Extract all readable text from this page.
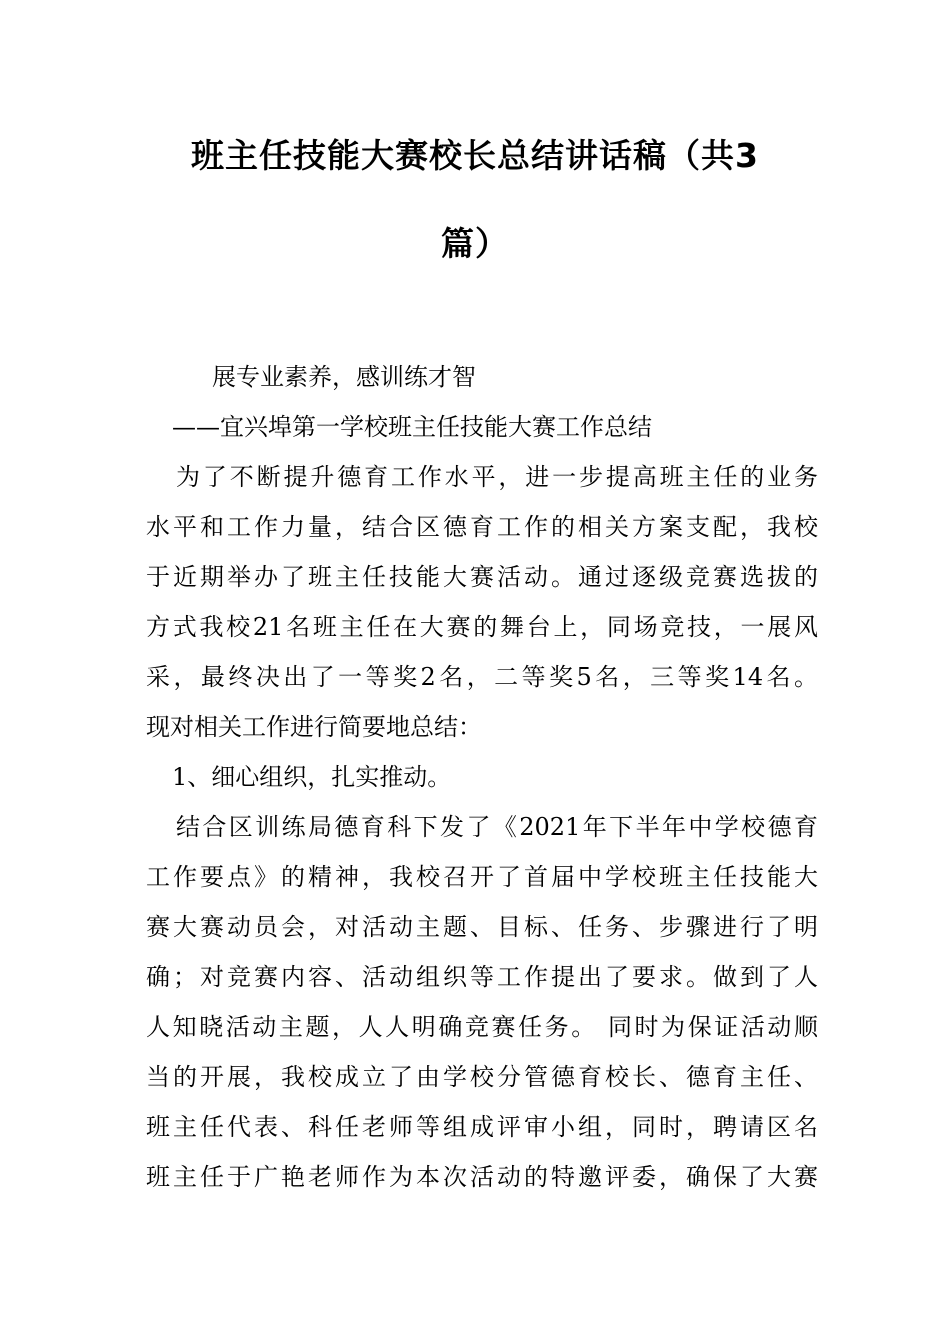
班主任技能大赛校长总结讲话稿（共3
篇）
展专业素养，感训练才智
——宜兴埠第一学校班主任技能大赛工作总结
为了不断提升德育工作水平，进一步提高班主任的业务
水平和工作力量，结合区德育工作的相关方案支配，我校
于近期举办了班主任技能大赛活动。通过逐级竞赛选拔的
方式我校21名班主任在大赛的舞台上，同场竞技，一展风
采，最终决出了一等奖2名，二等奖5名，三等奖14名。
现对相关工作进行简要地总结：
1、细心组织，扎实推动。
结合区训练局德育科下发了《2021年下半年中学校德育
工作要点》的精神，我校召开了首届中学校班主任技能大
赛大赛动员会，对活动主题、目标、任务、步骤进行了明
确；对竞赛内容、活动组织等工作提出了要求。做到了人
人知晓活动主题，人人明确竞赛任务。 同时为保证活动顺
当的开展，我校成立了由学校分管德育校长、德育主任、
班主任代表、科任老师等组成评审小组，同时，聘请区名
班主任于广艳老师作为本次活动的特邀评委，确保了大赛
